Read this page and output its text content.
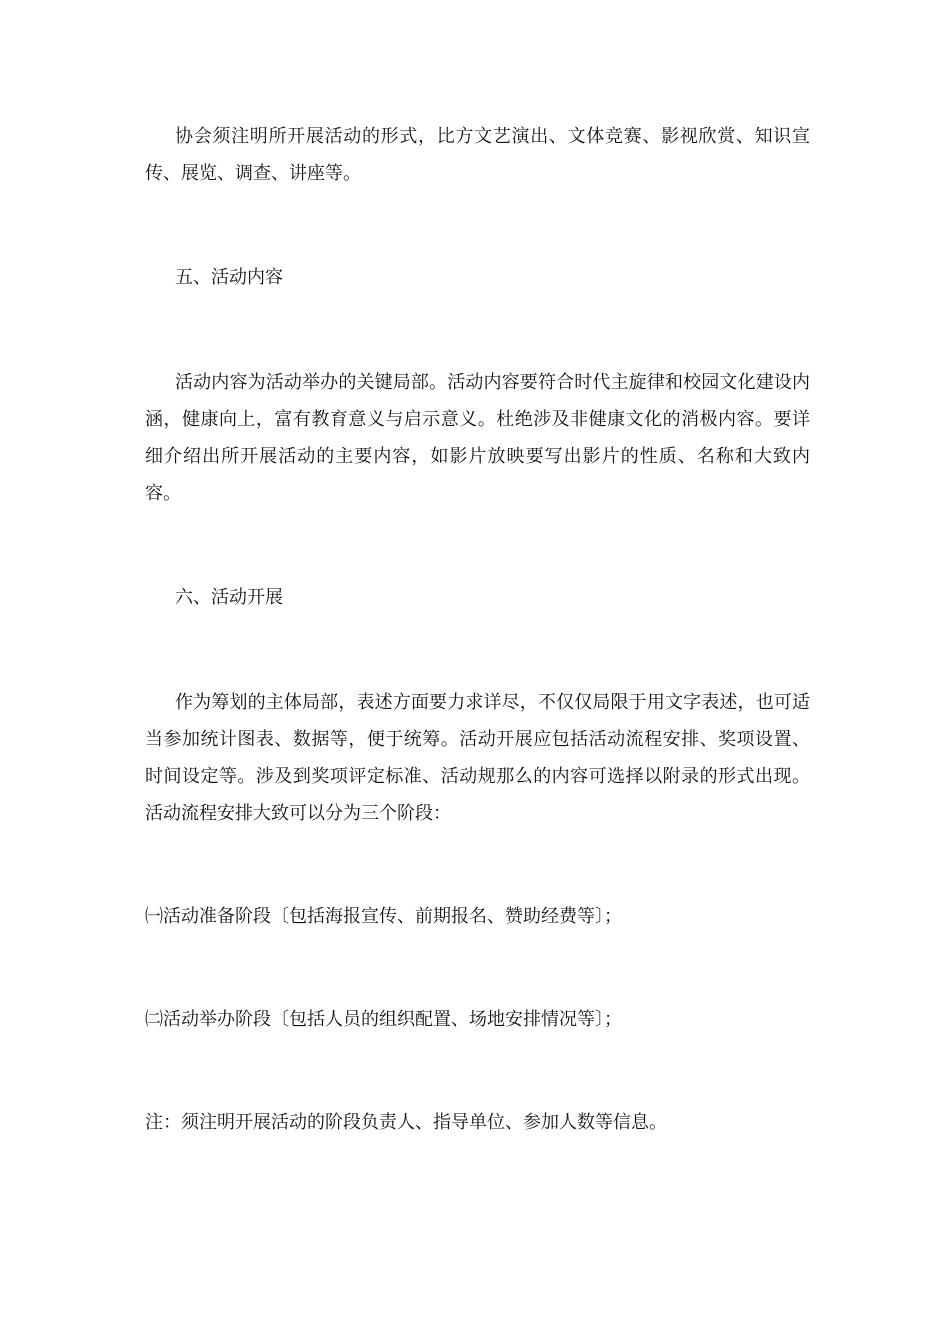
协会须注明所开展活动的形式，比方文艺演出、文体竞赛、影视欣赏、知识宣传、展览、调查、讲座等。

五、活动内容

活动内容为活动举办的关键局部。活动内容要符合时代主旋律和校园文化建设内涵，健康向上，富有教育意义与启示意义。杜绝涉及非健康文化的消极内容。要详细介绍出所开展活动的主要内容，如影片放映要写出影片的性质、名称和大致内容。

六、活动开展

作为筹划的主体局部，表述方面要力求详尽，不仅仅局限于用文字表述，也可适当参加统计图表、数据等，便于统筹。活动开展应包括活动流程安排、奖项设置、时间设定等。涉及到奖项评定标准、活动规那么的内容可选择以附录的形式出现。活动流程安排大致可以分为三个阶段：

㈠活动准备阶段〔包括海报宣传、前期报名、赞助经费等〕；

㈡活动举办阶段〔包括人员的组织配置、场地安排情况等〕；

注：须注明开展活动的阶段负责人、指导单位、参加人数等信息。
